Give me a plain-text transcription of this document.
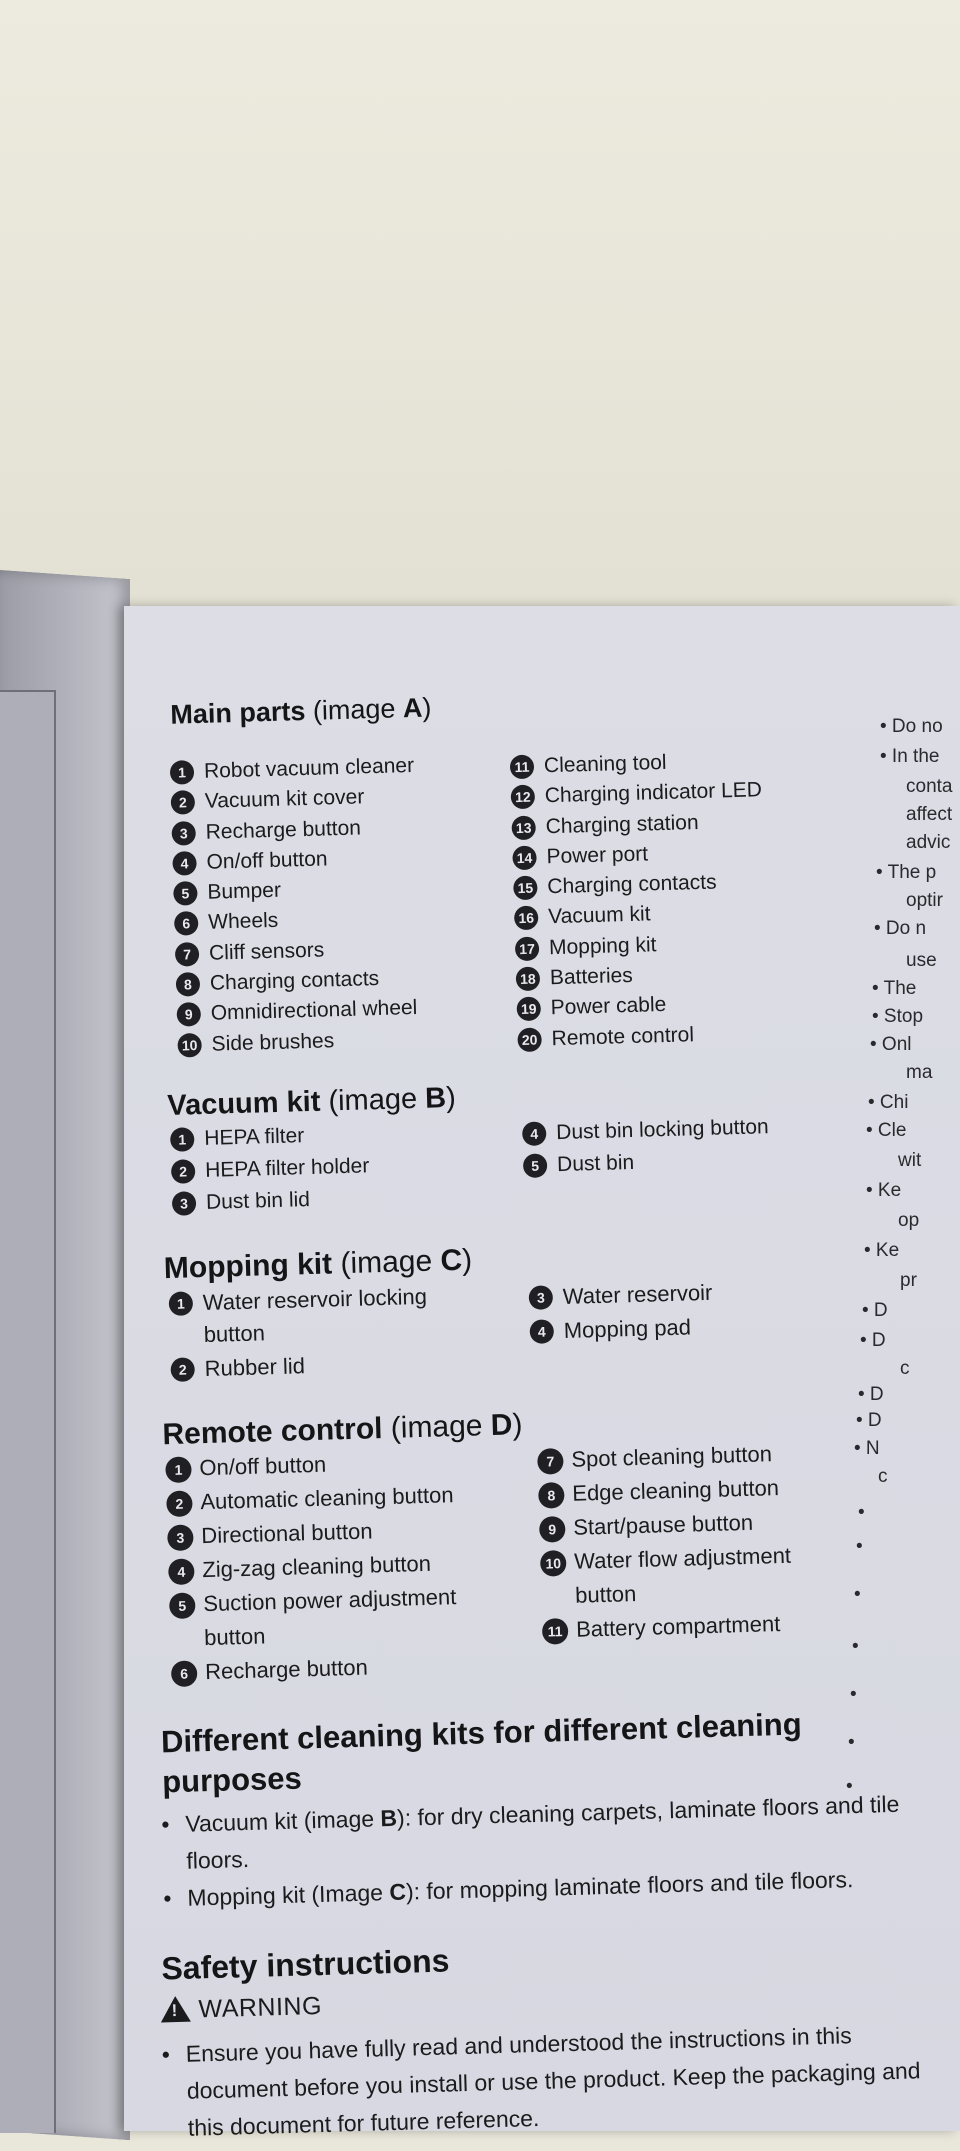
Main parts (image A)
1 Robot vacuum cleaner
2 Vacuum kit cover
3 Recharge button
4 On/off button
5 Bumper
6 Wheels
7 Cliff sensors
8 Charging contacts
9 Omnidirectional wheel
10 Side brushes
11 Cleaning tool
12 Charging indicator LED
13 Charging station
14 Power port
15 Charging contacts
16 Vacuum kit
17 Mopping kit
18 Batteries
19 Power cable
20 Remote control
Vacuum kit (image B)
1 HEPA filter
2 HEPA filter holder
3 Dust bin lid
4 Dust bin locking button
5 Dust bin
Mopping kit (image C)
1 Water reservoir locking button
2 Rubber lid
3 Water reservoir
4 Mopping pad
Remote control (image D)
1 On/off button
2 Automatic cleaning button
3 Directional button
4 Zig-zag cleaning button
5 Suction power adjustment button
6 Recharge button
7 Spot cleaning button
8 Edge cleaning button
9 Start/pause button
10 Water flow adjustment button
11 Battery compartment
Different cleaning kits for different cleaning purposes
• Vacuum kit (image B): for dry cleaning carpets, laminate floors and tile floors.
• Mopping kit (Image C): for mopping laminate floors and tile floors.
Safety instructions
! WARNING
• Ensure you have fully read and understood the instructions in this document before you install or use the product. Keep the packaging and this document for future reference.
